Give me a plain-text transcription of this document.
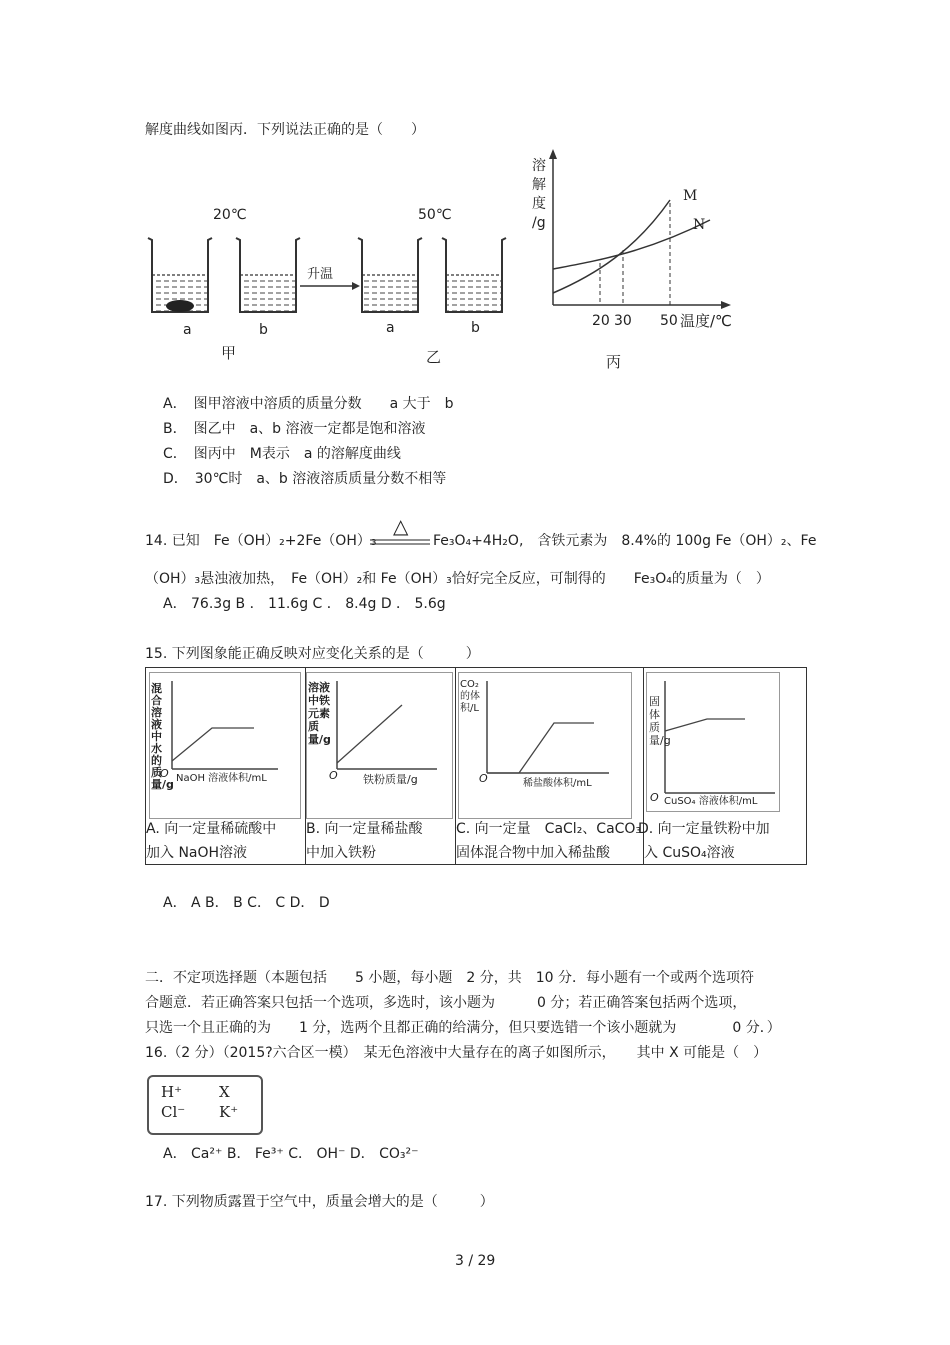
解度曲线如图丙．下列说法正确的是（　　）
20℃	50℃
升温
a	b	a	b
甲	乙
溶
解
度
/g
M
N
20 30 50 温度/℃
丙
A．　图甲溶液中溶质的质量分数　　a 大于　b
B．　图乙中　a、b 溶液一定都是饱和溶液
C．　图丙中　M表示　a 的溶解度曲线
D．　30℃时　a、b 溶液溶质质量分数不相等
14. 已知　Fe（OH）₂+2Fe（OH）₃
△
Fe₃O₄+4H₂O,　含铁元素为　8.4%的 100g Fe（OH）₂、Fe
（OH）₃悬浊液加热，　Fe（OH）₂和 Fe（OH）₃恰好完全反应，可制得的　　Fe₃O₄的质量为（　）
A． 76.3g B ． 11.6g C ． 8.4g D ． 5.6g
15. 下列图象能正确反映对应变化关系的是（　　　）
混合溶液中水的质量/g
O NaOH 溶液体积/mL
A. 向一定量稀硫酸中
加入 NaOH溶液
溶液中铁元素质量/g
O 铁粉质量/g
B. 向一定量稀盐酸
中加入铁粉
CO₂的体积/L
O	稀盐酸体积/mL
C. 向一定量　CaCl₂、CaCO₃
固体混合物中加入稀盐酸
固体质量/g
O CuSO₄ 溶液体积/mL
D. 向一定量铁粉中加
入 CuSO₄溶液
A． A B． B C． C D． D
二．不定项选择题（本题包括　　5 小题，每小题　2 分，共　10 分．每小题有一个或两个选项符
合题意．若正确答案只包括一个选项，多选时，该小题为　　　0 分；若正确答案包括两个选项，
只选一个且正确的为　　1 分，选两个且都正确的给满分，但只要选错一个该小题就为　　　　0 分．）
16.（2 分）（2015?六合区一模）　某无色溶液中大量存在的离子如图所示，　　其中 X 可能是（　）
H⁺ X
Cl⁻ K⁺
A． Ca²⁺ B． Fe³⁺ C． OH⁻ D． CO₃²⁻
17. 下列物质露置于空气中，质量会增大的是（　　　）
3 / 29
